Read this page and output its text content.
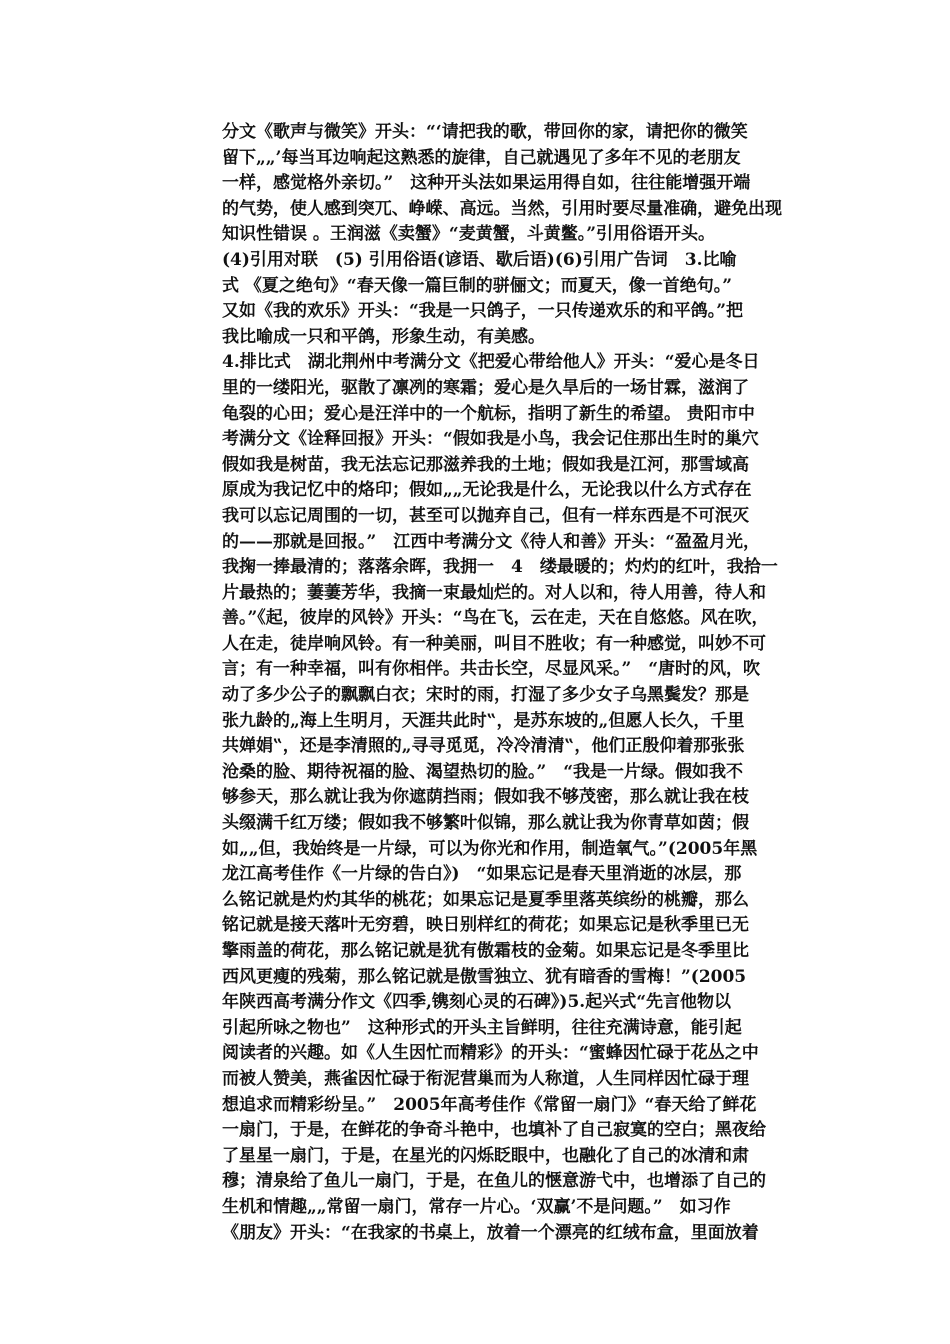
分文《歌声与微笑》开头：“‘请把我的歌，带回你的家，请把你的微笑
留下„„’每当耳边响起这熟悉的旋律，自己就遇见了多年不见的老朋友
一样，感觉格外亲切。”　这种开头法如果运用得自如，往往能增强开端
的气势，使人感到突兀、峥嵘、高远。当然，引用时要尽量准确，避免出现
知识性错误 。王润滋《卖蟹》“麦黄蟹，斗黄鳖。”引用俗语开头。
(4)引用对联　(5) 引用俗语(谚语、歇后语)(6)引用广告词　3.比喻
式 《夏之绝句》“春天像一篇巨制的骈俪文；而夏天，像一首绝句。”
又如《我的欢乐》开头：“我是一只鸽子，一只传递欢乐的和平鸽。”把
我比喻成一只和平鸽，形象生动，有美感。
4.排比式　湖北荆州中考满分文《把爱心带给他人》开头：“爱心是冬日
里的一缕阳光，驱散了凛冽的寒霜；爱心是久旱后的一场甘霖，滋润了
龟裂的心田；爱心是汪洋中的一个航标，指明了新生的希望。 贵阳市中
考满分文《诠释回报》开头：“假如我是小鸟，我会记住那出生时的巢穴
假如我是树苗，我无法忘记那滋养我的土地；假如我是江河，那雪域高
原成为我记忆中的烙印；假如„„无论我是什么，无论我以什么方式存在
我可以忘记周围的一切，甚至可以抛弃自己，但有一样东西是不可泯灭
的——那就是回报。”　江西中考满分文《待人和善》开头：“盈盈月光，
我掬一捧最清的；落落余晖，我拥一　4　缕最暖的；灼灼的红叶，我拾一
片最热的；萋萋芳华，我摘一束最灿烂的。对人以和，待人用善，待人和
善。”《起，彼岸的风铃》开头：“鸟在飞，云在走，天在自悠悠。风在吹，
人在走，徒岸响风铃。有一种美丽，叫目不胜收；有一种感觉，叫妙不可
言；有一种幸福，叫有你相伴。共击长空，尽显风采。”　“唐时的风，吹
动了多少公子的飘飘白衣；宋时的雨，打湿了多少女子乌黑鬓发？那是
张九龄的„海上生明月，天涯共此时‟，是苏东坡的„但愿人长久，千里
共婵娟‟，还是李清照的„寻寻觅觅，冷冷清清‟，他们正殷仰着那张张
沧桑的脸、期待祝福的脸、渴望热切的脸。”　“我是一片绿。假如我不
够参天，那么就让我为你遮荫挡雨；假如我不够茂密，那么就让我在枝
头缀满千红万缕；假如我不够繁叶似锦，那么就让我为你青草如茵；假
如„„但，我始终是一片绿，可以为你光和作用，制造氧气。”(2005年黑
龙江高考佳作《一片绿的告白》)　“如果忘记是春天里消逝的冰层，那
么铭记就是灼灼其华的桃花；如果忘记是夏季里落英缤纷的桃瓣，那么
铭记就是接天落叶无穷碧，映日别样红的荷花；如果忘记是秋季里已无
擎雨盖的荷花，那么铭记就是犹有傲霜枝的金菊。如果忘记是冬季里比
西风更瘦的残菊，那么铭记就是傲雪独立、犹有暗香的雪梅！”(2005
年陕西高考满分作文《四季,镌刻心灵的石碑》)5.起兴式“先言他物以
引起所咏之物也”　这种形式的开头主旨鲜明，往往充满诗意，能引起
阅读者的兴趣。如《人生因忙而精彩》的开头：“蜜蜂因忙碌于花丛之中
而被人赞美，燕雀因忙碌于衔泥营巢而为人称道，人生同样因忙碌于理
想追求而精彩纷呈。”　2005年高考佳作《常留一扇门》“春天给了鲜花
一扇门，于是，在鲜花的争奇斗艳中，也填补了自己寂寞的空白；黑夜给
了星星一扇门，于是，在星光的闪烁眨眼中，也融化了自己的冰清和肃
穆；清泉给了鱼儿一扇门，于是，在鱼儿的惬意游弋中，也增添了自己的
生机和情趣„„常留一扇门，常存一片心。‘双赢’不是问题。”　如习作
《朋友》开头：“在我家的书桌上，放着一个漂亮的红绒布盒，里面放着
